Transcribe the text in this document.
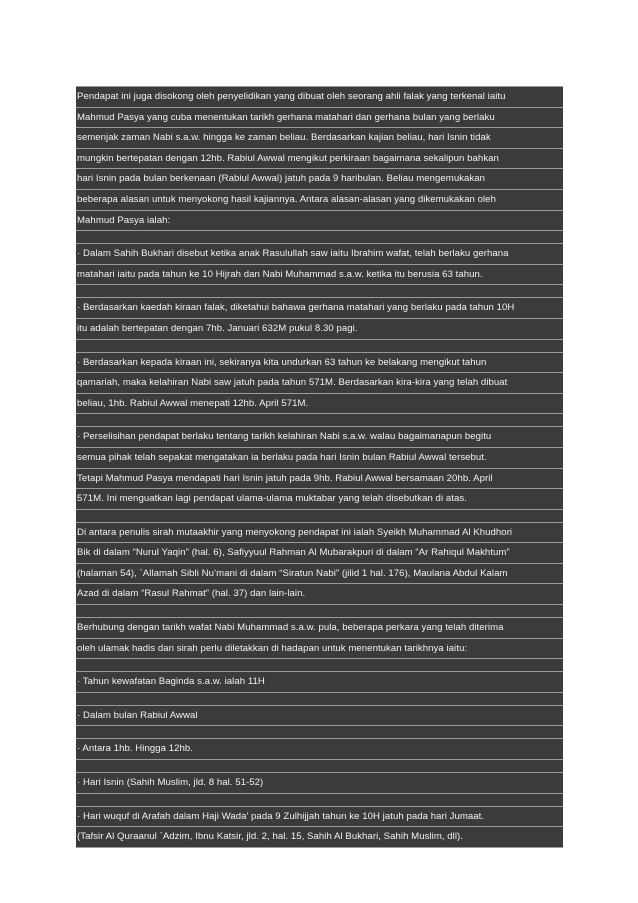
Pendapat ini juga disokong oleh penyelidikan yang dibuat oleh seorang ahli falak yang terkenal iaitu
Mahmud Pasya yang cuba menentukan tarikh gerhana matahari dan gerhana bulan yang berlaku
semenjak zaman Nabi s.a.w. hingga ke zaman beliau. Berdasarkan kajian beliau, hari Isnin tidak
mungkin bertepatan dengan 12hb. Rabiul Awwal mengikut perkiraan bagaimana sekalipun bahkan
hari Isnin pada bulan berkenaan (Rabiul Awwal) jatuh pada 9 haribulan. Beliau mengemukakan
beberapa alasan untuk menyokong hasil kajiannya. Antara alasan-alasan yang dikemukakan oleh
Mahmud Pasya ialah:
· Dalam Sahih Bukhari disebut ketika anak Rasulullah saw iaitu Ibrahim wafat, telah berlaku gerhana
matahari iaitu pada tahun ke 10 Hijrah dan Nabi Muhammad s.a.w. ketika itu berusia 63 tahun.
· Berdasarkan kaedah kiraan falak, diketahui bahawa gerhana matahari yang berlaku pada tahun 10H
itu adalah bertepatan dengan 7hb. Januari 632M pukul 8.30 pagi.
· Berdasarkan kepada kiraan ini, sekiranya kita undurkan 63 tahun ke belakang mengikut tahun
qamariah, maka kelahiran Nabi saw jatuh pada tahun 571M. Berdasarkan kira-kira yang telah dibuat
beliau, 1hb. Rabiul Awwal menepati 12hb. April 571M.
· Perselisihan pendapat berlaku tentang tarikh kelahiran Nabi s.a.w. walau bagaimanapun begitu
semua pihak telah sepakat mengatakan ia berlaku pada hari Isnin bulan Rabiul Awwal tersebut.
Tetapi Mahmud Pasya mendapati hari Isnin jatuh pada 9hb. Rabiul Awwal bersamaan 20hb. April
571M. Ini menguatkan lagi pendapat ulama-ulama muktabar yang telah disebutkan di atas.
Di antara penulis sirah mutaakhir yang menyokong pendapat ini ialah Syeikh Muhammad Al Khudhori
Bik di dalam “Nurul Yaqin” (hal. 6), Safiyyuul Rahman Al Mubarakpuri di dalam “Ar Rahiqul Makhtum”
(halaman 54), `Allamah Sibli Nu’mani di dalam “Siratun Nabi” (jilid 1 hal. 176), Maulana Abdul Kalam
Azad di dalam “Rasul Rahmat” (hal. 37) dan lain-lain.
Berhubung dengan tarikh wafat Nabi Muhammad s.a.w. pula, beberapa perkara yang telah diterima
oleh ulamak hadis dan sirah perlu diletakkan di hadapan untuk menentukan tarikhnya iaitu:
· Tahun kewafatan Baginda s.a.w. ialah 11H
· Dalam bulan Rabiul Awwal
· Antara 1hb. Hingga 12hb.
· Hari Isnin (Sahih Muslim, jld. 8 hal. 51-52)
· Hari wuquf di Arafah dalam Haji Wada’ pada 9 Zulhijjah tahun ke 10H jatuh pada hari Jumaat.
(Tafsir Al Quraanul `Adzim, Ibnu Katsir, jld. 2, hal. 15, Sahih Al Bukhari, Sahih Muslim, dll).
